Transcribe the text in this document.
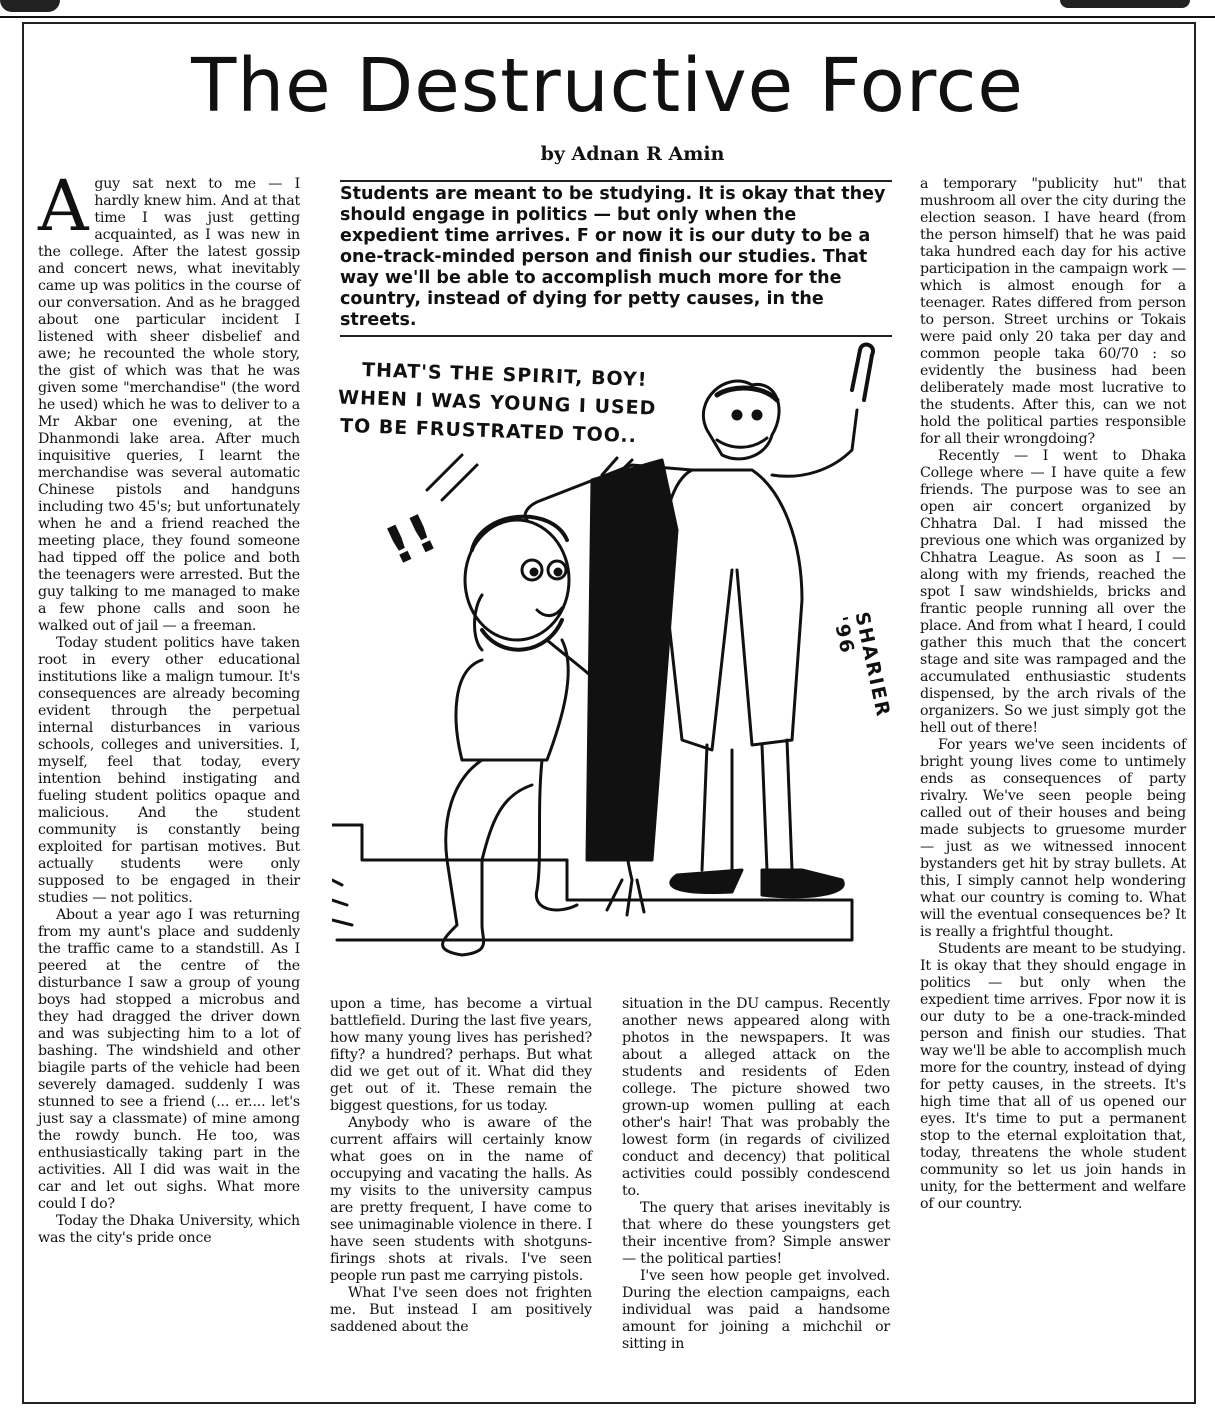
The Destructive Force
by Adnan R Amin

Aguy sat next to me — I hardly knew him. And at that time I was just getting acquainted, as I was new in the college. After the latest gossip and concert news, what inevitably came up was politics in the course of our conversation. And as he bragged about one particular incident I listened with sheer disbelief and awe; he recounted the whole story, the gist of which was that he was given some "merchandise" (the word he used) which he was to deliver to a Mr Akbar one evening, at the Dhanmondi lake area. After much inquisitive queries, I learnt the merchandise was several automatic Chinese pistols and handguns including two 45's; but unfortunately when he and a friend reached the meeting place, they found someone had tipped off the police and both the teenagers were arrested. But the guy talking to me managed to make a few phone calls and soon he walked out of jail — a freeman.

Today student politics have taken root in every other educational institutions like a malign tumour. It's consequences are already becoming evident through the perpetual internal disturbances in various schools, colleges and universities. I, myself, feel that today, every intention behind instigating and fueling student politics opaque and malicious. And the student community is constantly being exploited for partisan motives. But actually students were only supposed to be engaged in their studies — not politics.

About a year ago I was returning from my aunt's place and suddenly the traffic came to a standstill. As I peered at the centre of the disturbance I saw a group of young boys had stopped a microbus and they had dragged the driver down and was subjecting him to a lot of bashing. The windshield and other biagile parts of the vehicle had been severely damaged. suddenly I was stunned to see a friend (... er.... let's just say a classmate) of mine among the rowdy bunch. He too, was enthusiastically taking part in the activities. All I did was wait in the car and let out sighs. What more could I do?

Today the Dhaka University, which was the city's pride once

Students are meant to be studying. It is okay that they should engage in politics — but only when the expedient time arrives. F or now it is our duty to be a one-track-minded person and finish our studies. That way we'll be able to accomplish much more for the country, instead of dying for petty causes, in the streets.
THAT'S THE SPIRIT, BOY!
WHEN I WAS YOUNG I USED
TO BE FRUSTRATED TOO..
!!
SHARIER '96

upon a time, has become a virtual battlefield. During the last five years, how many young lives has perished? fifty? a hundred? perhaps. But what did we get out of it. What did they get out of it. These remain the biggest questions, for us today.

Anybody who is aware of the current affairs will certainly know what goes on in the name of occupying and vacating the halls. As my visits to the university campus are pretty frequent, I have come to see unimaginable violence in there. I have seen students with shotguns-firings shots at rivals. I've seen people run past me carrying pistols.

What I've seen does not frighten me. But instead I am positively saddened about the

situation in the DU campus. Recently another news appeared along with photos in the newspapers. It was about a alleged attack on the students and residents of Eden college. The picture showed two grown-up women pulling at each other's hair! That was probably the lowest form (in regards of civilized conduct and decency) that political activities could possibly condescend to.

The query that arises inevitably is that where do these youngsters get their incentive from? Simple answer — the political parties!

I've seen how people get involved. During the election campaigns, each individual was paid a handsome amount for joining a michchil or sitting in

a temporary "publicity hut" that mushroom all over the city during the election season. I have heard (from the person himself) that he was paid taka hundred each day for his active participation in the campaign work — which is almost enough for a teenager. Rates differed from person to person. Street urchins or Tokais were paid only 20 taka per day and common people taka 60/70 : so evidently the business had been deliberately made most lucrative to the students. After this, can we not hold the political parties responsible for all their wrongdoing?

Recently — I went to Dhaka College where — I have quite a few friends. The purpose was to see an open air concert organized by Chhatra Dal. I had missed the previous one which was organized by Chhatra League. As soon as I — along with my friends, reached the spot I saw windshields, bricks and frantic people running all over the place. And from what I heard, I could gather this much that the concert stage and site was rampaged and the accumulated enthusiastic students dispensed, by the arch rivals of the organizers. So we just simply got the hell out of there!

For years we've seen incidents of bright young lives come to untimely ends as consequences of party rivalry. We've seen people being called out of their houses and being made subjects to gruesome murder — just as we witnessed innocent bystanders get hit by stray bullets. At this, I simply cannot help wondering what our country is coming to. What will the eventual consequences be? It is really a frightful thought.

Students are meant to be studying. It is okay that they should engage in politics — but only when the expedient time arrives. Fpor now it is our duty to be a one-track-minded person and finish our studies. That way we'll be able to accomplish much more for the country, instead of dying for petty causes, in the streets. It's high time that all of us opened our eyes. It's time to put a permanent stop to the eternal exploitation that, today, threatens the whole student community so let us join hands in unity, for the betterment and welfare of our country.
